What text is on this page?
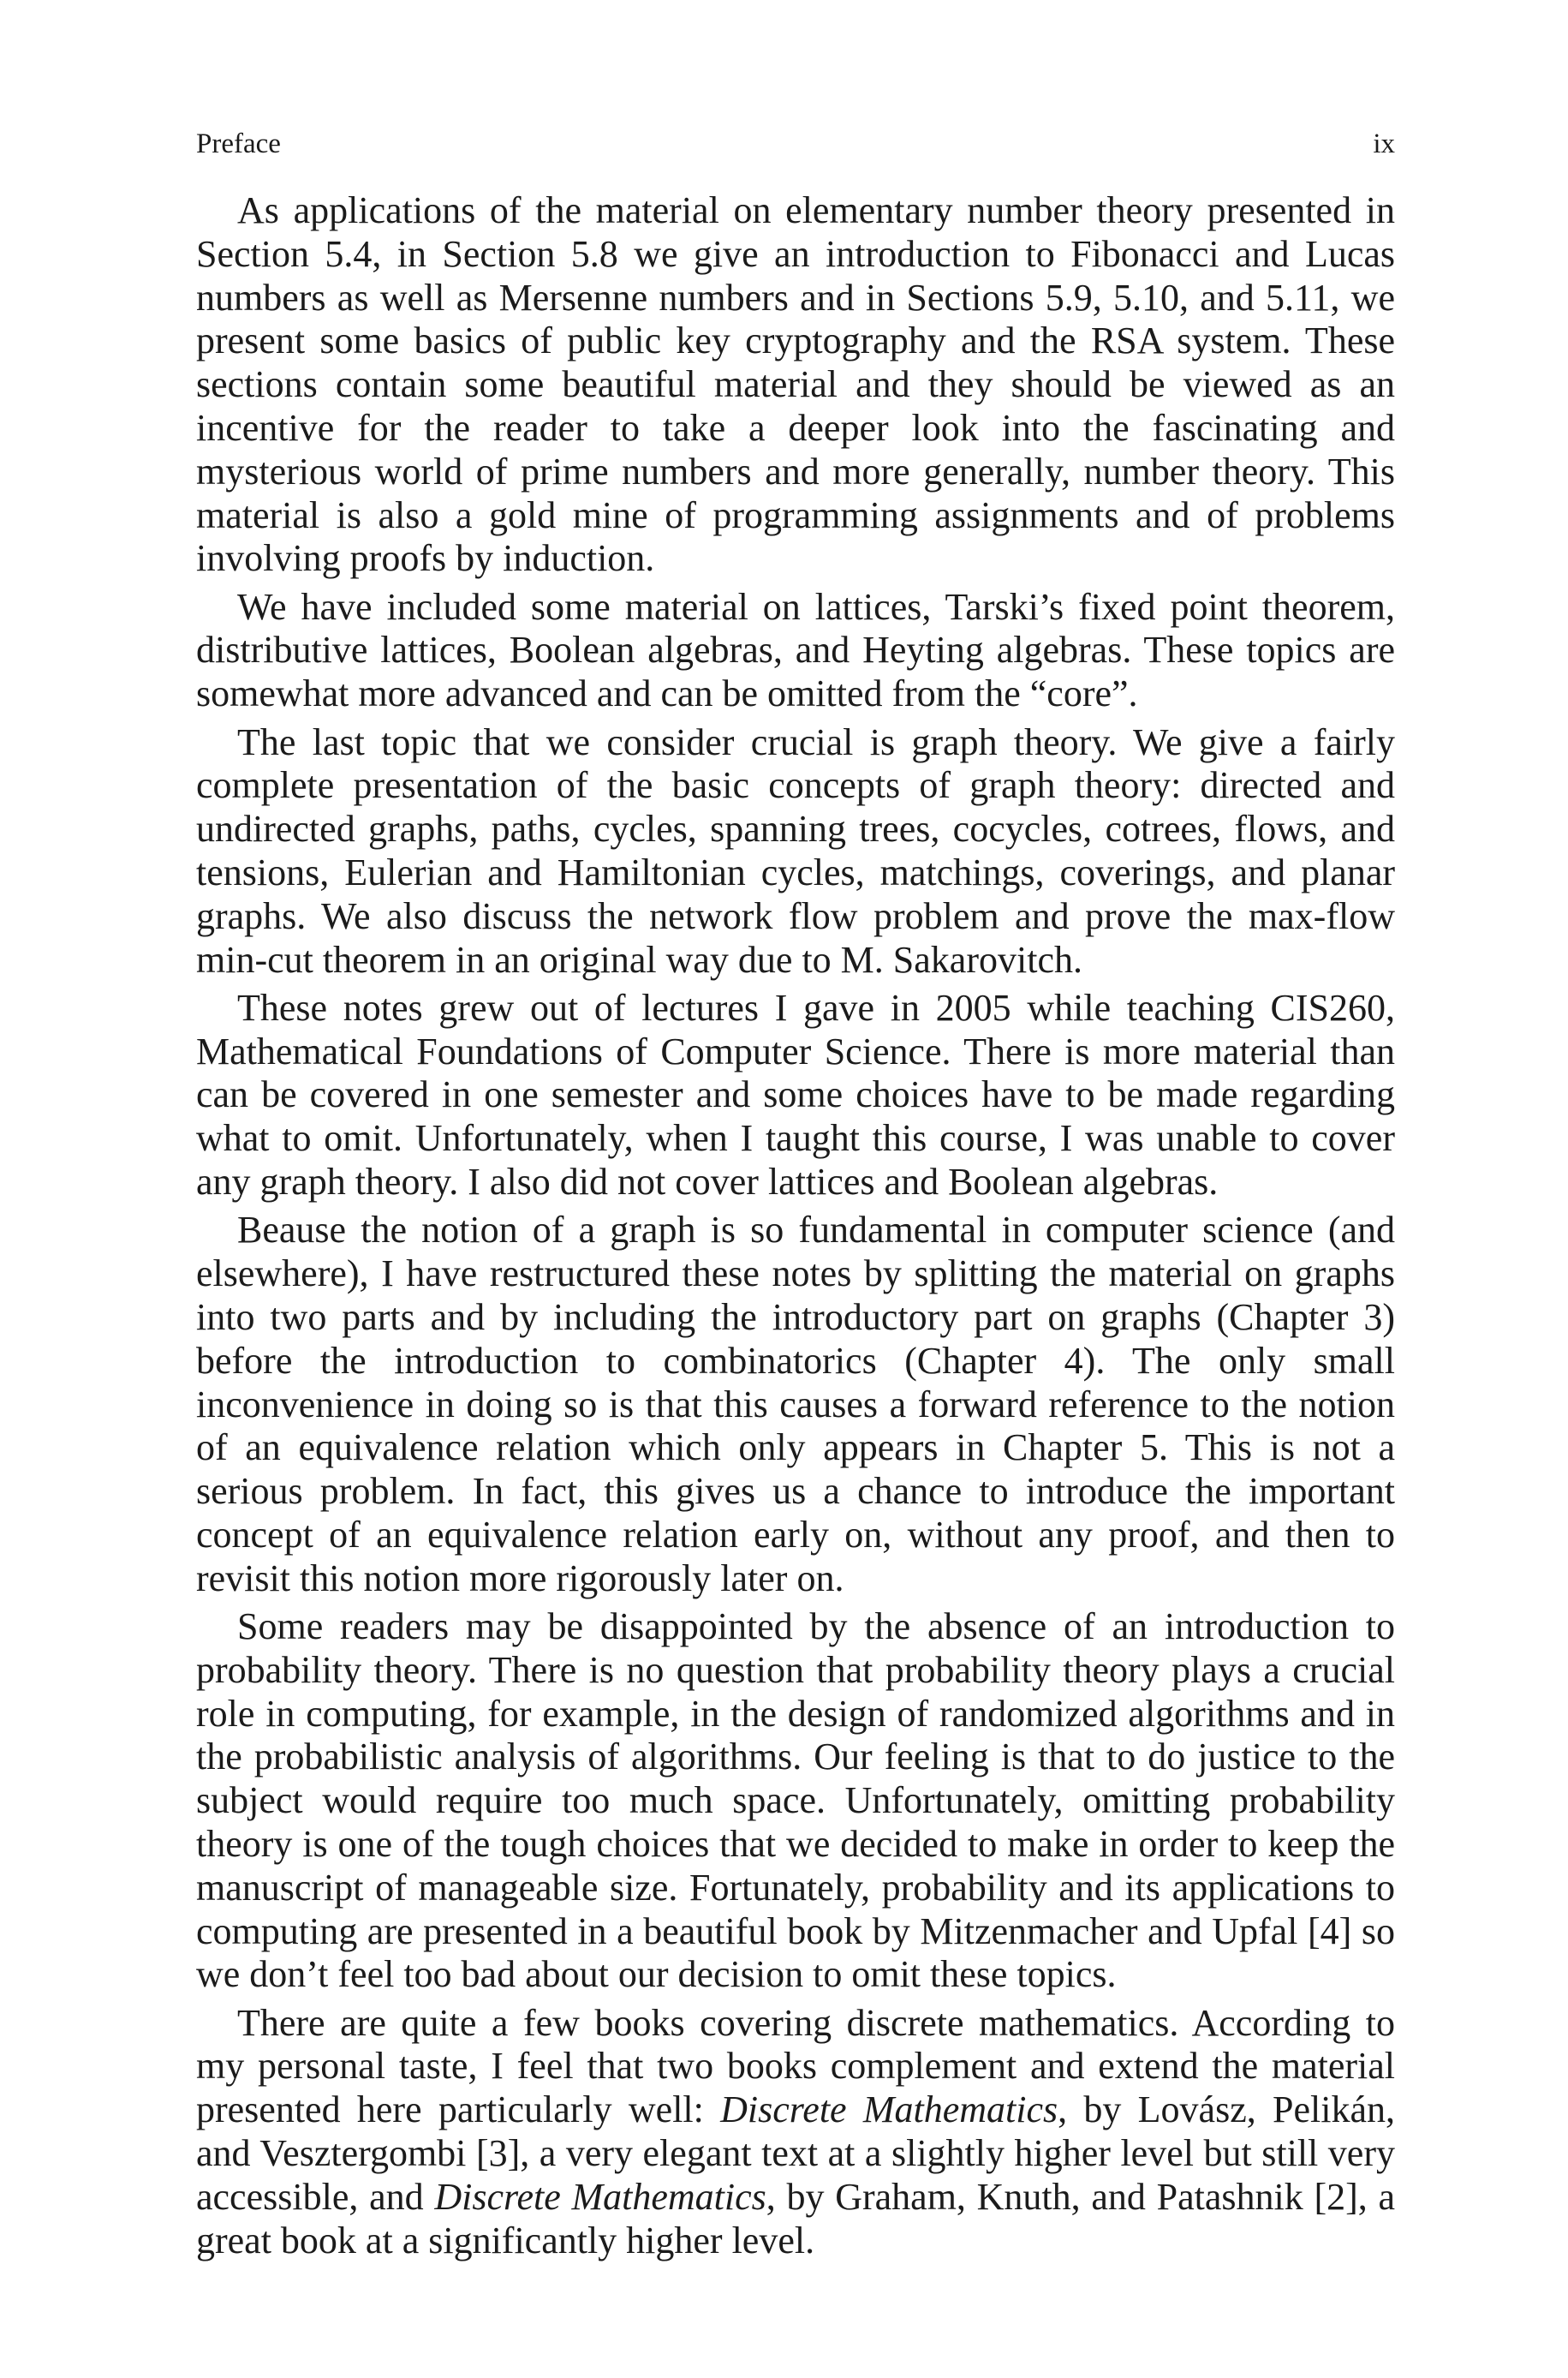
Preface	ix

As applications of the material on elementary number theory presented in Section 5.4, in Section 5.8 we give an introduction to Fibonacci and Lucas numbers as well as Mersenne numbers and in Sections 5.9, 5.10, and 5.11, we present some basics of public key cryptography and the RSA system. These sections contain some beautiful material and they should be viewed as an incentive for the reader to take a deeper look into the fascinating and mysterious world of prime numbers and more generally, number theory. This material is also a gold mine of programming assignments and of problems involving proofs by induction.

We have included some material on lattices, Tarski’s fixed point theorem, distributive lattices, Boolean algebras, and Heyting algebras. These topics are somewhat more advanced and can be omitted from the “core”.

The last topic that we consider crucial is graph theory. We give a fairly complete presentation of the basic concepts of graph theory: directed and undirected graphs, paths, cycles, spanning trees, cocycles, cotrees, flows, and tensions, Eulerian and Hamiltonian cycles, matchings, coverings, and planar graphs. We also discuss the network flow problem and prove the max-flow min-cut theorem in an original way due to M. Sakarovitch.

These notes grew out of lectures I gave in 2005 while teaching CIS260, Mathematical Foundations of Computer Science. There is more material than can be covered in one semester and some choices have to be made regarding what to omit. Unfortunately, when I taught this course, I was unable to cover any graph theory. I also did not cover lattices and Boolean algebras.

Beause the notion of a graph is so fundamental in computer science (and elsewhere), I have restructured these notes by splitting the material on graphs into two parts and by including the introductory part on graphs (Chapter 3) before the introduction to combinatorics (Chapter 4). The only small inconvenience in doing so is that this causes a forward reference to the notion of an equivalence relation which only appears in Chapter 5. This is not a serious problem. In fact, this gives us a chance to introduce the important concept of an equivalence relation early on, without any proof, and then to revisit this notion more rigorously later on.

Some readers may be disappointed by the absence of an introduction to probability theory. There is no question that probability theory plays a crucial role in computing, for example, in the design of randomized algorithms and in the probabilistic analysis of algorithms. Our feeling is that to do justice to the subject would require too much space. Unfortunately, omitting probability theory is one of the tough choices that we decided to make in order to keep the manuscript of manageable size. Fortunately, probability and its applications to computing are presented in a beautiful book by Mitzenmacher and Upfal [4] so we don’t feel too bad about our decision to omit these topics.

There are quite a few books covering discrete mathematics. According to my personal taste, I feel that two books complement and extend the material presented here particularly well: Discrete Mathematics, by Lovász, Pelikán, and Vesztergombi [3], a very elegant text at a slightly higher level but still very accessible, and Discrete Mathematics, by Graham, Knuth, and Patashnik [2], a great book at a significantly higher level.
